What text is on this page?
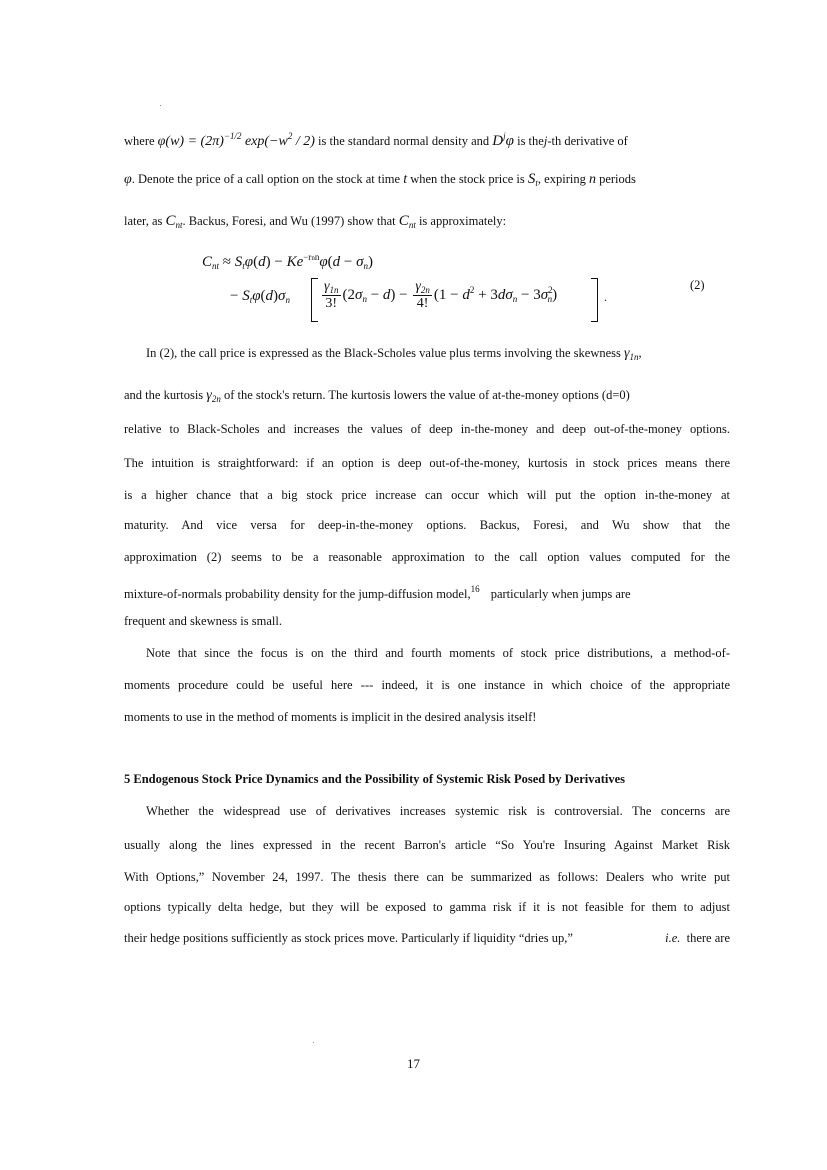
where $\varphi(w) = (2\pi)^{-1/2}$ $\exp(-w^2 / 2)$ is the standard normal density and $D^j\varphi$ is thej-th derivative of
φ. Denote the price of a call option on the stock at time t when the stock price is $S_t$, expiring n periods
later, as $C_{nt}$. Backus, Foresi, and Wu (1997) show that $C_{nt}$ is approximately:
$C_{nt} \approx S_t\varphi(d) - Ke^{-rnn}\varphi(d - \sigma_n)$
− $S_t\varphi(d)\sigma_n \frac{\gamma_{1n}}{3!} (2\sigma_n - d) - \frac{\gamma_{2n}}{4!} (1 - d^2 + 3d\sigma_n - 3\sigma^2_n)$	.
(2)
In (2), the call price is expressed as the Black-Scholes value plus terms involving the skewness $\gamma_{1n}$,
and the kurtosis $\gamma_{2n}$ of the stock's return. The kurtosis lowers the value of at-the-money options (d=0)
relative to Black-Scholes and increases the values of deep in-the-money and deep out-of-the-money options.
The intuition is straightforward: if an option is deep out-of-the-money, kurtosis in stock prices means there
is a higher chance that a big stock price increase can occur which will put the option in-the-money at
maturity. And vice versa for deep-in-the-money options. Backus, Foresi, and Wu show that the
approximation (2) seems to be a reasonable approximation to the call option values computed for the
mixture-of-normals probability density for the jump-diffusion model,$^{16}$ particularly when jumps are
frequent and skewness is small.
Note that since the focus is on the third and fourth moments of stock price distributions, a method-of-
moments procedure could be useful here --- indeed, it is one instance in which choice of the appropriate
moments to use in the method of moments is implicit in the desired analysis itself!
5 Endogenous Stock Price Dynamics and the Possibility of Systemic Risk Posed by Derivatives
Whether the widespread use of derivatives increases systemic risk is controversial. The concerns are
usually along the lines expressed in the recent Barron's article “So You're Insuring Against Market Risk
With Options,” November 24, 1997. The thesis there can be summarized as follows: Dealers who write put
options typically delta hedge, but they will be exposed to gamma risk if it is not feasible for them to adjust
their hedge positions sufficiently as stock prices move. Particularly if liquidity “dries up,”	i.e. there are
17
